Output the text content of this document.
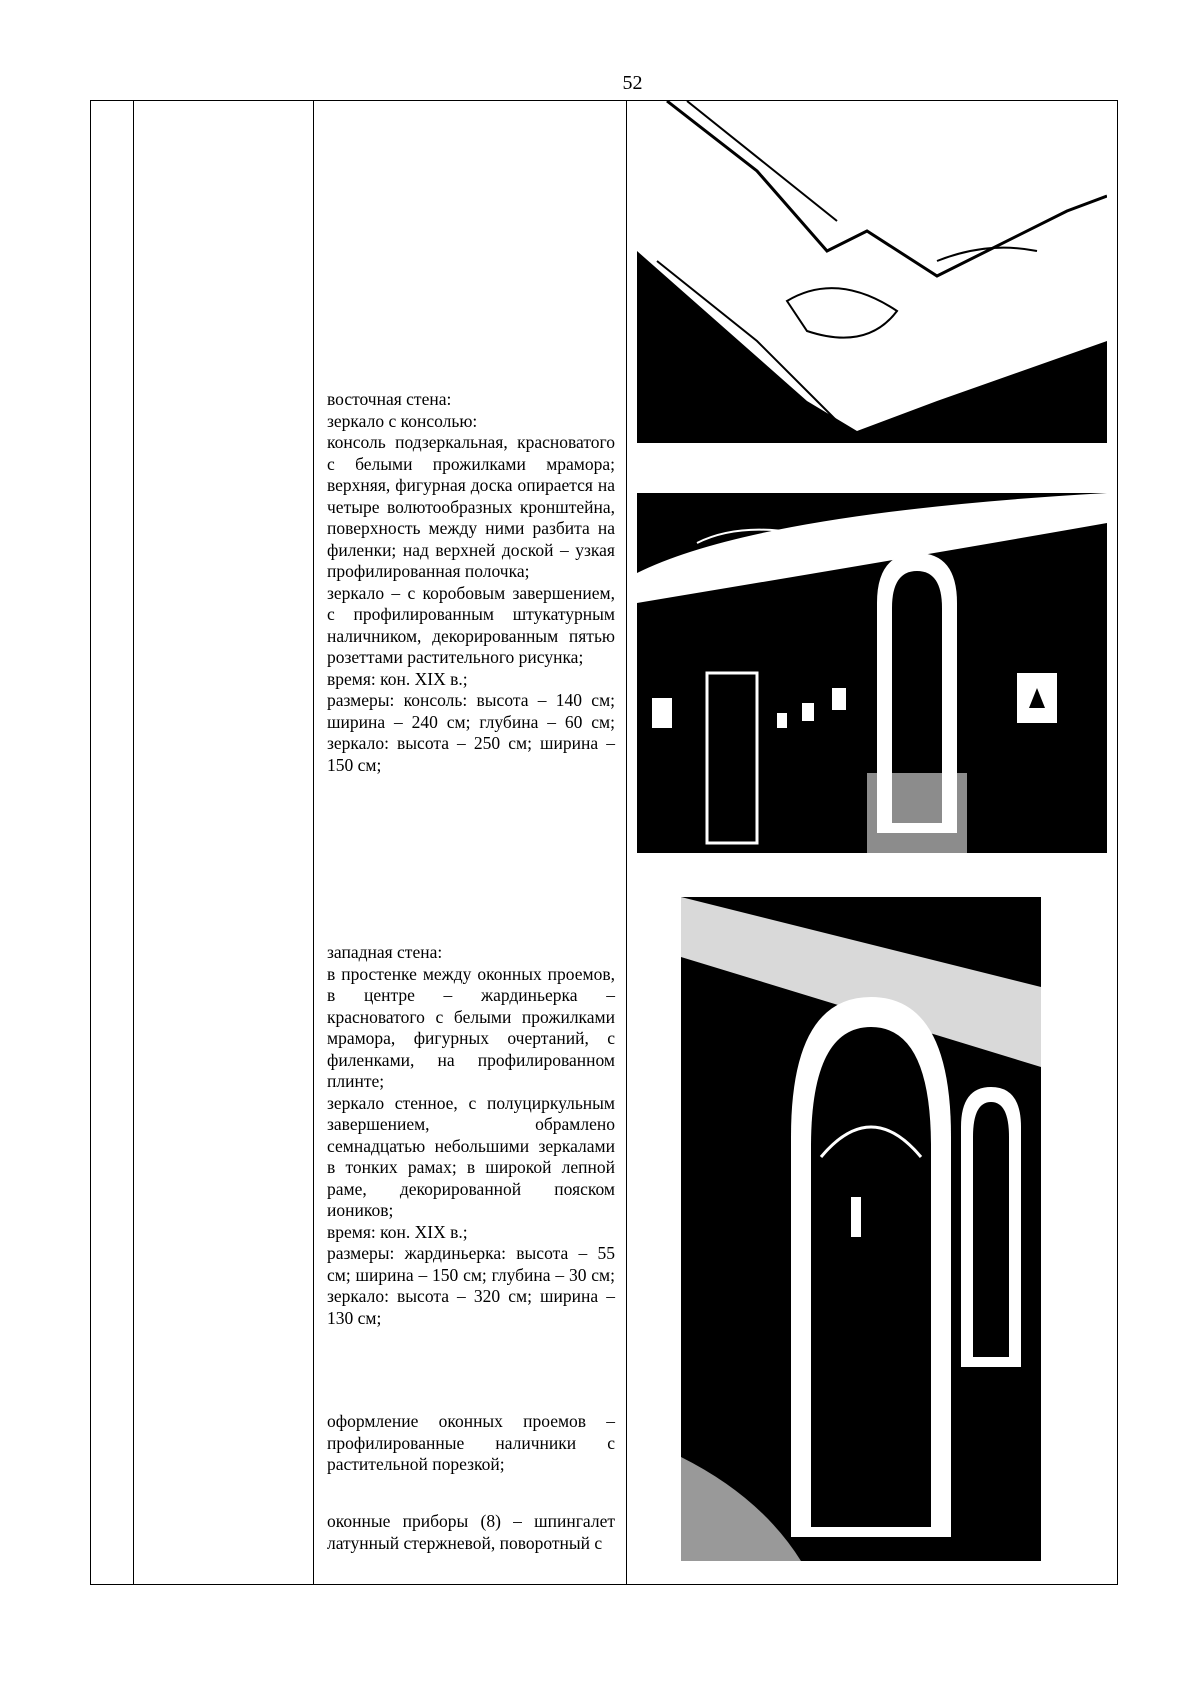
52

восточная стена:

зеркало с консолью:

консоль подзеркальная, красноватого с белыми прожилками мрамора; верхняя, фигурная доска опирается на четыре волютообразных кронштейна, поверхность между ними разбита на филенки; над верхней доской – узкая профилированная полочка;

зеркало – с коробовым завершением, с профилированным штукатурным наличником, декорированным пятью розеттами растительного рисунка;

время: кон. XIX в.;

размеры: консоль: высота – 140 см; ширина – 240 см; глубина – 60 см; зеркало: высота – 250 см; ширина – 150 см;

западная стена:

в простенке между оконных проемов, в центре – жардиньерка – красноватого с белыми прожилками мрамора, фигурных очертаний, с филенками, на профилированном плинте;

зеркало стенное, с полуциркульным завершением, обрамлено семнадцатью небольшими зеркалами в тонких рамах; в широкой лепной раме, декорированной пояском иоников;

время: кон. XIX в.;

размеры: жардиньерка: высота – 55 см; ширина – 150 см; глубина – 30 см; зеркало: высота – 320 см; ширина – 130 см;

оформление оконных проемов – профилированные наличники с растительной порезкой;

оконные приборы (8) – шпингалет латунный стержневой, поворотный с
